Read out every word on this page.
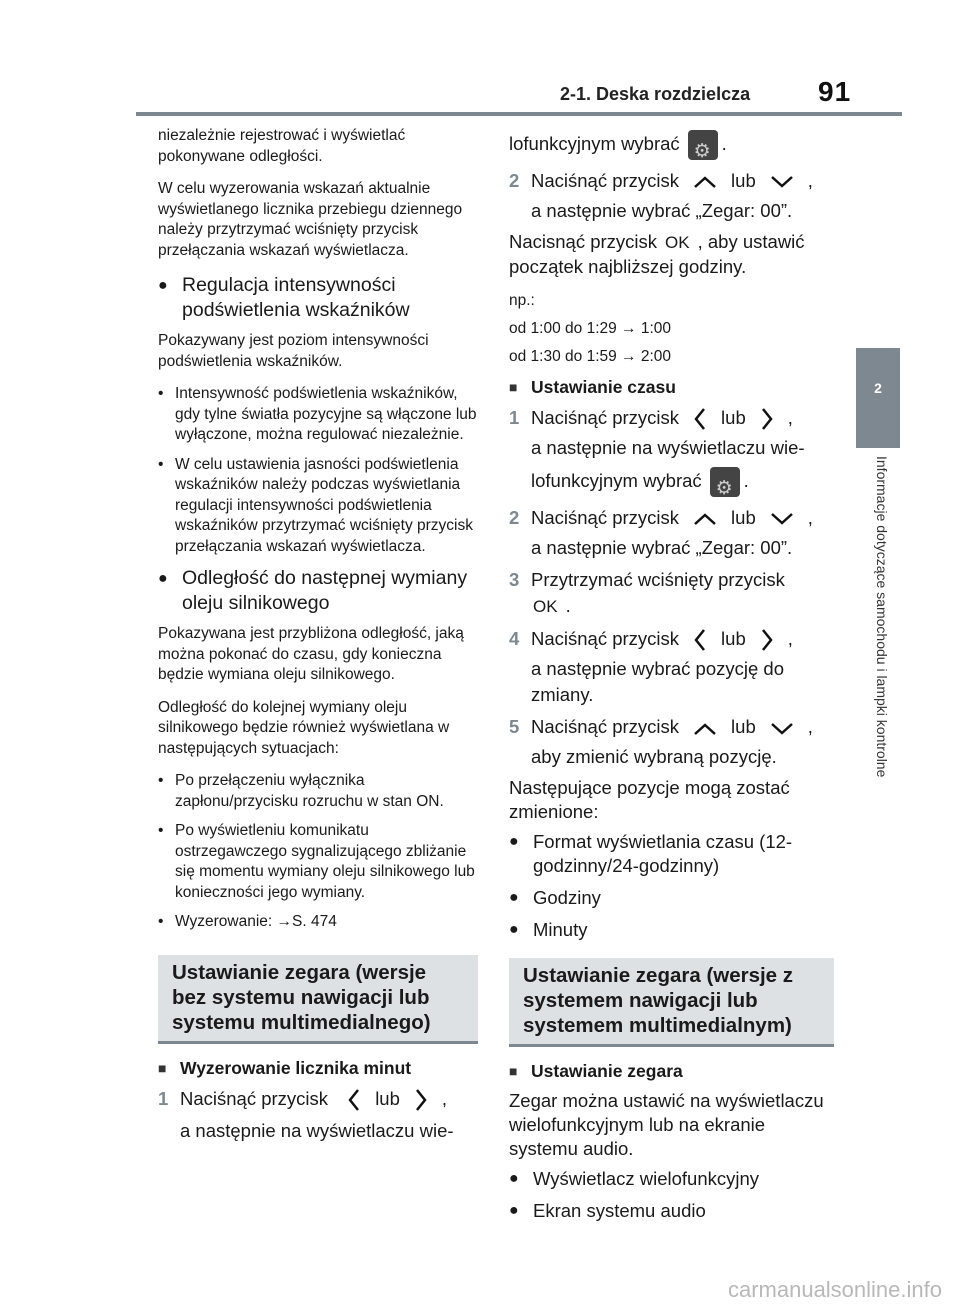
2-1. Deska rozdzielcza 91
2
Informacje dotyczące samochodu i lampki kontrolne

niezależnie rejestrować i wyświetlać pokonywane odległości.

W celu wyzerowania wskazań aktualnie wyświetlanego licznika przebiegu dziennego należy przytrzymać wciśnięty przycisk przełączania wskazań wyświetlacza.

● Regulacja intensywności podświetlenia wskaźników

Pokazywany jest poziom intensywności podświetlenia wskaźników.

• Intensywność podświetlenia wskaźników, gdy tylne światła pozycyjne są włączone lub wyłączone, można regulować niezależnie.
• W celu ustawienia jasności podświetlenia wskaźników należy podczas wyświetlania regulacji intensywności podświetlenia wskaźników przytrzymać wciśnięty przycisk przełączania wskazań wyświetlacza.
● Odległość do następnej wymiany oleju silnikowego

Pokazywana jest przybliżona odległość, jaką można pokonać do czasu, gdy konieczna będzie wymiana oleju silnikowego.

Odległość do kolejnej wymiany oleju silnikowego będzie również wyświetlana w następujących sytuacjach:

• Po przełączeniu wyłącznika zapłonu/przycisku rozruchu w stan ON.
• Po wyświetleniu komunikatu ostrzegawczego sygnalizującego zbliżanie się momentu wymiany oleju silnikowego lub konieczności jego wymiany.
• Wyzerowanie: →S. 474
Ustawianie zegara (wersje bez systemu nawigacji lub systemu multimedialnego)
■ Wyzerowanie licznika minut
1 Naciśnąć przycisk	lub ,
a następnie na wyświetlaczu wie-
lofunkcyjnym wybrać ⚙ .
2 Naciśnąć przycisk	lub	,
a następnie wybrać „Zegar: 00”.
Nacisnąć przycisk OK , aby ustawić początek najbliższej godziny.

np.:

od 1:00 do 1:29 → 1:00

od 1:30 do 1:59 → 2:00

■ Ustawianie czasu
1 Naciśnąć przycisk lub ,
a następnie na wyświetlaczu wie-
lofunkcyjnym wybrać ⚙ .
2 Naciśnąć przycisk	lub	,
a następnie wybrać „Zegar: 00”.
3 Przytrzymać wciśnięty przycisk
OK .
4 Naciśnąć przycisk lub ,
a następnie wybrać pozycję do zmiany.
5 Naciśnąć przycisk	lub	,
aby zmienić wybraną pozycję.
Następujące pozycje mogą zostać zmienione:
● Format wyświetlania czasu (12-godzinny/24-godzinny)
● Godziny
● Minuty
Ustawianie zegara (wersje z systemem nawigacji lub systemem multimedialnym)
■ Ustawianie zegara
Zegar można ustawić na wyświetlaczu wielofunkcyjnym lub na ekranie systemu audio.
● Wyświetlacz wielofunkcyjny
● Ekran systemu audio
carmanualsonline.info
